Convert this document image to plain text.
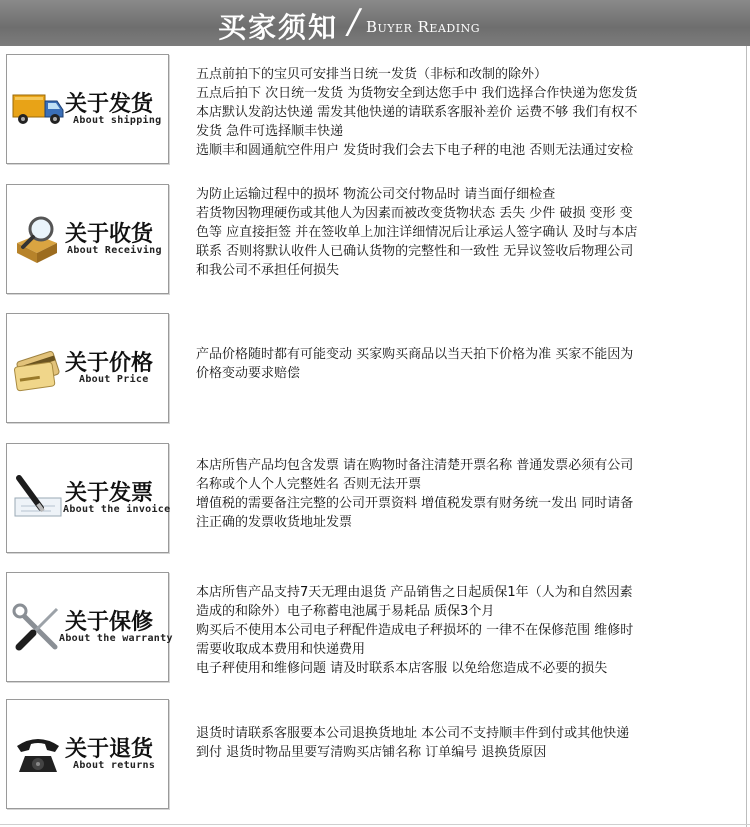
买家须知 / Buyer Reading
关于发货
About shipping
五点前拍下的宝贝可安排当日统一发货（非标和改制的除外）
五点后拍下 次日统一发货 为货物安全到达您手中 我们选择合作快递为您发货
本店默认发韵达快递 需发其他快递的请联系客服补差价 运费不够 我们有权不
发货 急件可选择顺丰快递
选顺丰和圆通航空件用户 发货时我们会去下电子秤的电池 否则无法通过安检
关于收货
About Receiving
为防止运输过程中的损坏 物流公司交付物品时 请当面仔细检查
若货物因物理硬伤或其他人为因素而被改变货物状态 丢失 少件 破损 变形 变
色等 应直接拒签 并在签收单上加注详细情况后让承运人签字确认 及时与本店
联系 否则将默认收件人已确认货物的完整性和一致性 无异议签收后物理公司
和我公司不承担任何损失
关于价格
About Price
产品价格随时都有可能变动 买家购买商品以当天拍下价格为准 买家不能因为
价格变动要求赔偿
关于发票
About the invoice
本店所售产品均包含发票 请在购物时备注清楚开票名称 普通发票必须有公司
名称或个人个人完整姓名 否则无法开票
增值税的需要备注完整的公司开票资料 增值税发票有财务统一发出 同时请备
注正确的发票收货地址发票
关于保修
About the warranty
本店所售产品支持7天无理由退货 产品销售之日起质保1年（人为和自然因素
造成的和除外）电子称蓄电池属于易耗品 质保3个月
购买后不使用本公司电子秤配件造成电子秤损坏的 一律不在保修范围 维修时
需要收取成本费用和快递费用
电子秤使用和维修问题 请及时联系本店客服 以免给您造成不必要的损失
关于退货
About returns
退货时请联系客服要本公司退换货地址 本公司不支持顺丰件到付或其他快递
到付 退货时物品里要写清购买店铺名称 订单编号 退换货原因
